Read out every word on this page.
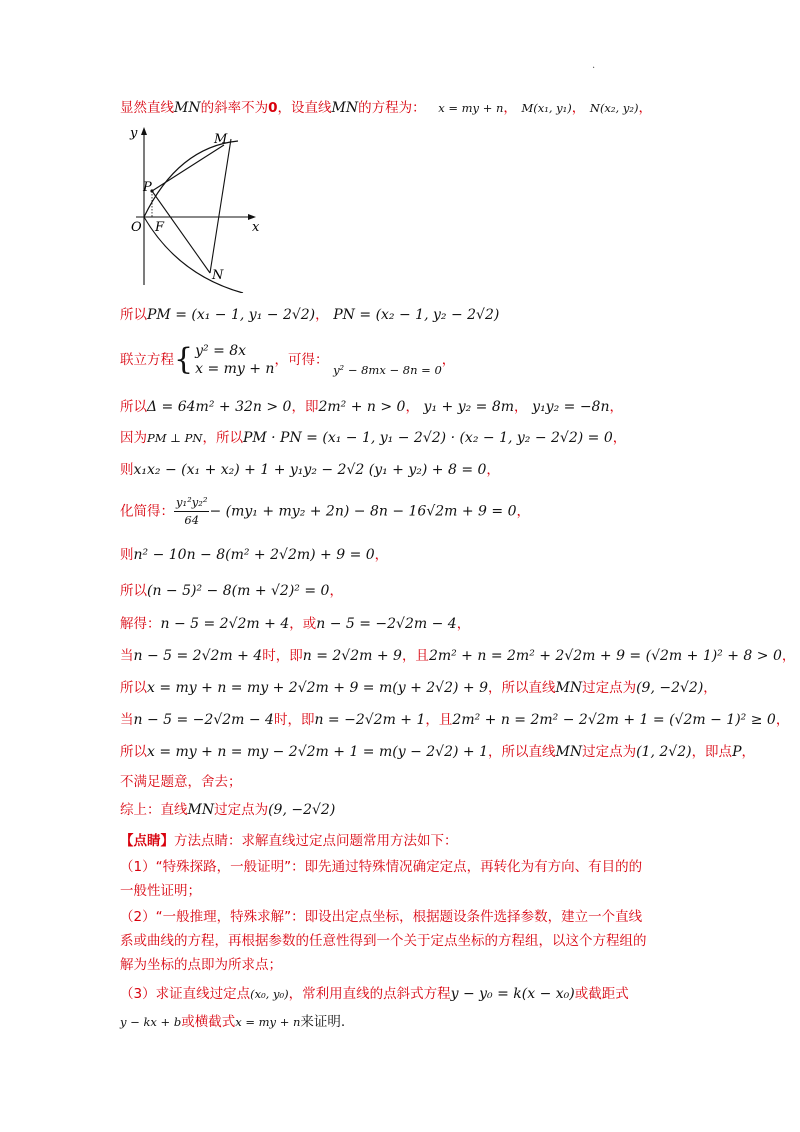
.
显然直线MN的斜率不为0，设直线MN的方程为： x = my + n， M(x₁, y₁)， N(x₂, y₂)，
y
x
M
P
O F
N
所以PM = (x₁ − 1, y₁ − 2√2)， PN = (x₂ − 1, y₂ − 2√2)
联立方程{ y² = 8x
x = my + n
，可得： $_{y^2 - 8mx - 8n = 0}$，
所以Δ = 64m² + 32n > 0，即2m² + n > 0， y₁ + y₂ = 8m， y₁y₂ = −8n，
因为PM ⊥ PN，所以PM · PN = (x₁ − 1, y₁ − 2√2) · (x₂ − 1, y₂ − 2√2) = 0，
则x₁x₂ − (x₁ + x₂) + 1 + y₁y₂ − 2√2 (y₁ + y₂) + 8 = 0，
化简得： $\frac{\text{y₁²y₂²}}{64} - (my_1 + my_2 + 2n) - 8n - 16√2m + 9 = 0$，
则n² − 10n − 8(m² + 2√2m) + 9 = 0，
所以(n − 5)² − 8(m + √2)² = 0，
解得：n − 5 = 2√2m + 4，或n − 5 = −2√2m − 4，
当n − 5 = 2√2m + 4时，即n = 2√2m + 9，且2m² + n = 2m² + 2√2m + 9 = (√2m + 1)² + 8 > 0，
所以x = my + n = my + 2√2m + 9 = m(y + 2√2) + 9，所以直线MN过定点为(9, −2√2)，
当n − 5 = −2√2m − 4时，即n = −2√2m + 1，且2m² + n = 2m² − 2√2m + 1 = (√2m − 1)² ≥ 0，
所以x = my + n = my − 2√2m + 1 = m(y − 2√2) + 1，所以直线MN过定点为(1, 2√2)，即点P，
不满足题意，舍去；
综上：直线MN过定点为(9, −2√2)
【点睛】方法点睛：求解直线过定点问题常用方法如下：
（1）“特殊探路，一般证明”：即先通过特殊情况确定定点，再转化为有方向、有目的的
一般性证明；
（2）“一般推理，特殊求解”：即设出定点坐标，根据题设条件选择参数，建立一个直线
系或曲线的方程，再根据参数的任意性得到一个关于定点坐标的方程组，以这个方程组的
解为坐标的点即为所求点；
（3）求证直线过定点(x₀, y₀)，常利用直线的点斜式方程y − y₀ = k(x − x₀)或截距式
y − kx + b或横截式x = my + n来证明.
